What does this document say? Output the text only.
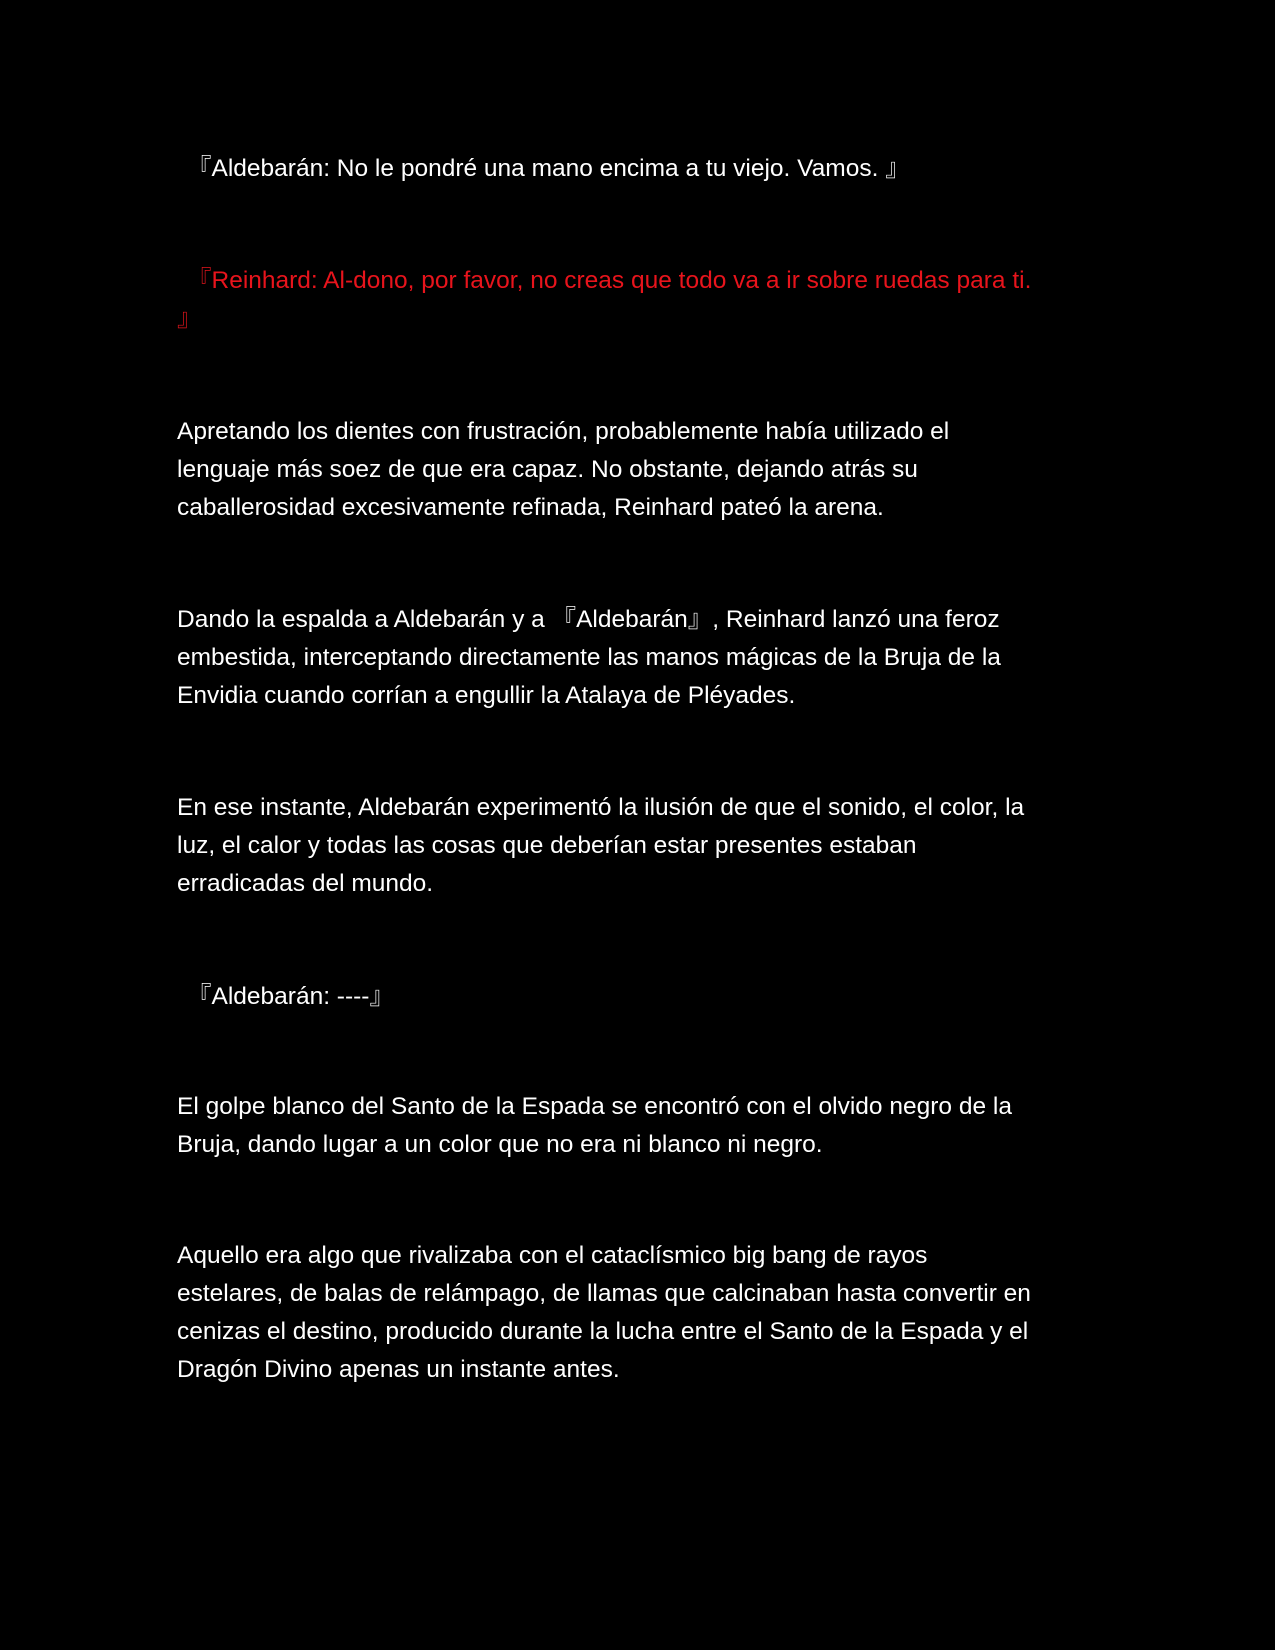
『Aldebarán: No le pondré una mano encima a tu viejo. Vamos. 』

『Reinhard: Al-dono, por favor, no creas que todo va a ir sobre ruedas para ti.
』

Apretando los dientes con frustración, probablemente había utilizado el
lenguaje más soez de que era capaz. No obstante, dejando atrás su
caballerosidad excesivamente refinada, Reinhard pateó la arena.

Dando la espalda a Aldebarán y a 『Aldebarán』, Reinhard lanzó una feroz
embestida, interceptando directamente las manos mágicas de la Bruja de la
Envidia cuando corrían a engullir la Atalaya de Pléyades.

En ese instante, Aldebarán experimentó la ilusión de que el sonido, el color, la
luz, el calor y todas las cosas que deberían estar presentes estaban
erradicadas del mundo.

『Aldebarán: ----』

El golpe blanco del Santo de la Espada se encontró con el olvido negro de la
Bruja, dando lugar a un color que no era ni blanco ni negro.

Aquello era algo que rivalizaba con el cataclísmico big bang de rayos
estelares, de balas de relámpago, de llamas que calcinaban hasta convertir en
cenizas el destino, producido durante la lucha entre el Santo de la Espada y el
Dragón Divino apenas un instante antes.
